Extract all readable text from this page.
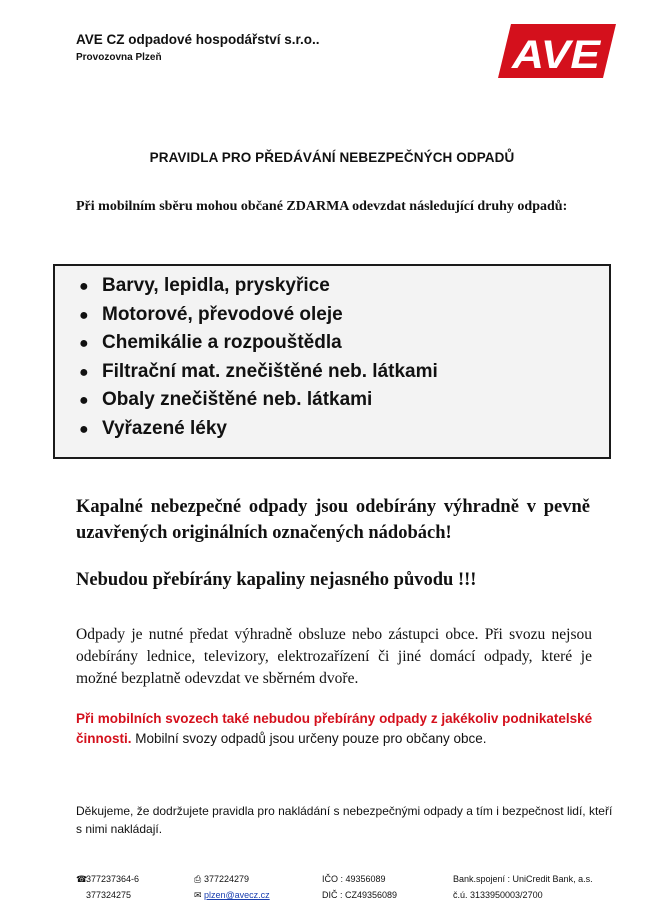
AVE CZ odpadové hospodářství s.r.o..
Provozovna Plzeň	AVE
PRAVIDLA PRO PŘEDÁVÁNÍ NEBEZPEČNÝCH ODPADŮ
Při mobilním sběru mohou občané ZDARMA odevzdat následující druhy odpadů:
● Barvy, lepidla, pryskyřice
● Motorové, převodové oleje
● Chemikálie a rozpouštědla
● Filtrační mat. znečištěné neb. látkami
● Obaly znečištěné neb. látkami
● Vyřazené léky
Kapalné nebezpečné odpady jsou odebírány výhradně v pevně uzavřených originálních označených nádobách!
Nebudou přebírány kapaliny nejasného původu !!!
Odpady je nutné předat výhradně obsluze nebo zástupci obce. Při svozu nejsou odebírány lednice, televizory, elektrozařízení či jiné domácí odpady, které je možné bezplatně odevzdat ve sběrném dvoře.
Při mobilních svozech také nebudou přebírány odpady z jakékoliv podnikatelské činnosti. Mobilní svozy odpadů jsou určeny pouze pro občany obce.
Děkujeme, že dodržujete pravidla pro nakládání s nebezpečnými odpady a tím i bezpečnost lidí, kteří s nimi nakládají.
☎377237364-6
377324275
⎙ 377224279
✉ plzen@avecz.cz
IČO : 49356089
DIČ : CZ49356089
Bank.spojení : UniCredit Bank, a.s.
č.ú. 3133950003/2700
